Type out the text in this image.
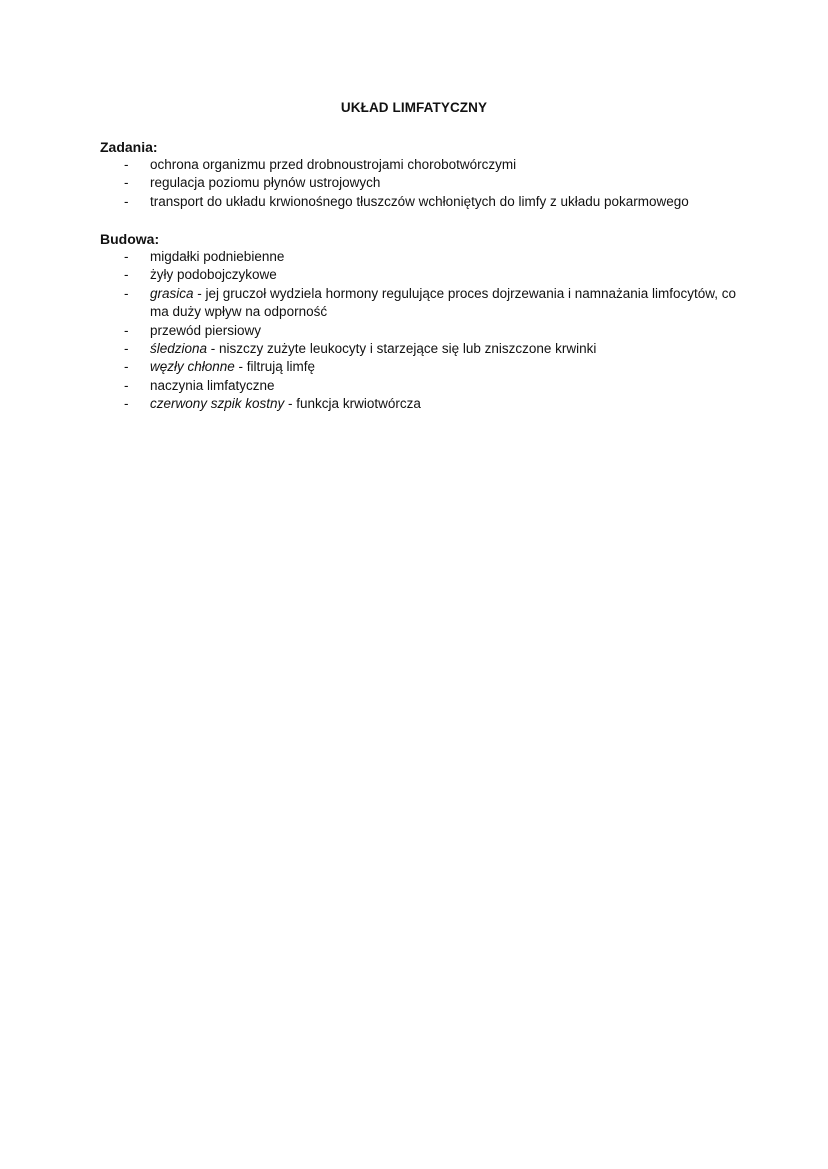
UKŁAD LIMFATYCZNY
Zadania:
- ochrona organizmu przed drobnoustrojami chorobotwórczymi
- regulacja poziomu płynów ustrojowych
- transport do układu krwionośnego tłuszczów wchłoniętych do limfy z układu pokarmowego
Budowa:
- migdałki podniebienne
- żyły podobojczykowe
- grasica - jej gruczoł wydziela hormony regulujące proces dojrzewania i namnażania limfocytów, co ma duży wpływ na odporność
- przewód piersiowy
- śledziona - niszczy zużyte leukocyty i starzejące się lub zniszczone krwinki
- węzły chłonne - filtrują limfę
- naczynia limfatyczne
- czerwony szpik kostny - funkcja krwiotwórcza
